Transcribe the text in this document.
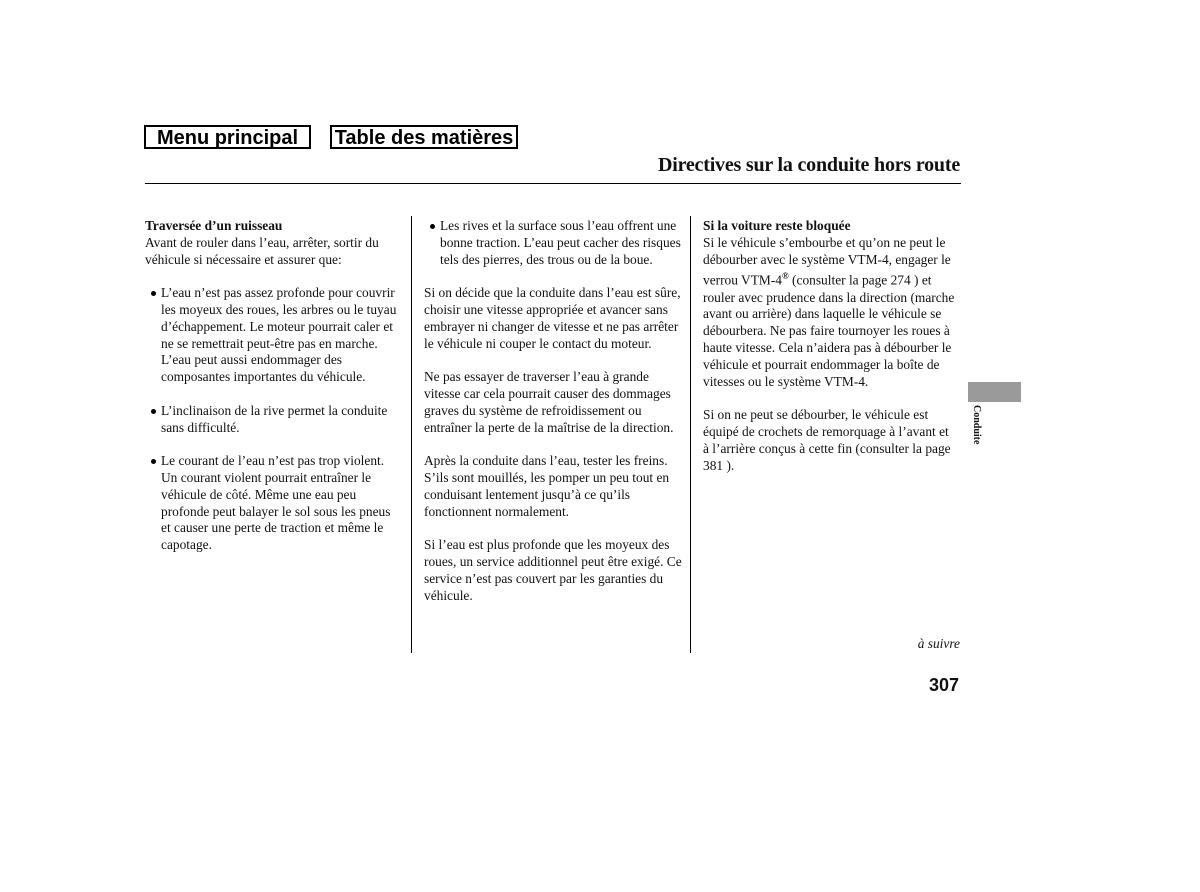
Menu principal	Table des matières
Directives sur la conduite hors route
Traversée d’un ruisseau

Avant de rouler dans l’eau, arrêter, sortir du véhicule si nécessaire et assurer que:

L’eau n’est pas assez profonde pour couvrir les moyeux des roues, les arbres ou le tuyau d’échappement. Le moteur pourrait caler et ne se remettrait peut-être pas en marche. L’eau peut aussi endommager des composantes importantes du véhicule.
L’inclinaison de la rive permet la conduite sans difficulté.
Le courant de l’eau n’est pas trop violent. Un courant violent pourrait entraîner le véhicule de côté. Même une eau peu profonde peut balayer le sol sous les pneus et causer une perte de traction et même le capotage.
Les rives et la surface sous l’eau offrent une bonne traction. L’eau peut cacher des risques tels des pierres, des trous ou de la boue.

Si on décide que la conduite dans l’eau est sûre, choisir une vitesse appropriée et avancer sans embrayer ni changer de vitesse et ne pas arrêter le véhicule ni couper le contact du moteur.

Ne pas essayer de traverser l’eau à grande vitesse car cela pourrait causer des dommages graves du système de refroidissement ou entraîner la perte de la maîtrise de la direction.

Après la conduite dans l’eau, tester les freins. S’ils sont mouillés, les pomper un peu tout en conduisant lentement jusqu’à ce qu’ils fonctionnent normalement.

Si l’eau est plus profonde que les moyeux des roues, un service additionnel peut être exigé. Ce service n’est pas couvert par les garanties du véhicule.

Si la voiture reste bloquée

Si le véhicule s’embourbe et qu’on ne peut le débourber avec le système VTM-4, engager le verrou VTM-4® (consulter la page 274 ) et rouler avec prudence dans la direction (marche avant ou arrière) dans laquelle le véhicule se débourbera. Ne pas faire tournoyer les roues à haute vitesse. Cela n’aidera pas à débourber le véhicule et pourrait endommager la boîte de vitesses ou le système VTM-4.

Si on ne peut se débourber, le véhicule est équipé de crochets de remorquage à l’avant et à l’arrière conçus à cette fin (consulter la page 381 ).

à suivre
307
Conduite
